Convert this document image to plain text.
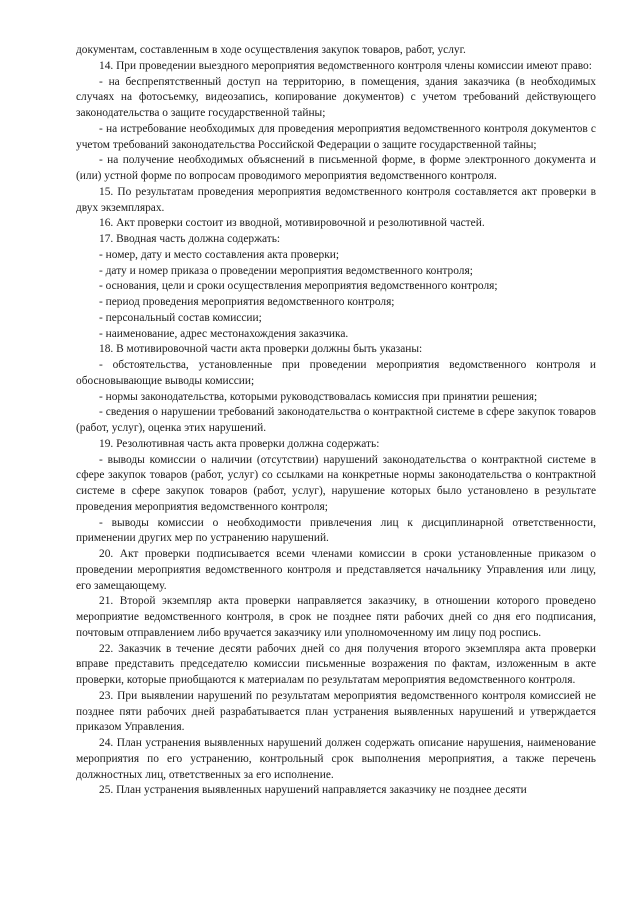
документам, составленным в ходе осуществления закупок товаров, работ, услуг.

14. При проведении выездного мероприятия ведомственного контроля члены комиссии имеют право:

- на беспрепятственный доступ на территорию, в помещения, здания заказчика (в необходимых случаях на фотосъемку, видеозапись, копирование документов) с учетом требований действующего законодательства о защите государственной тайны;

- на истребование необходимых для проведения мероприятия ведомственного контроля документов с учетом требований законодательства Российской Федерации о защите государственной тайны;

- на получение необходимых объяснений в письменной форме, в форме электронного документа и (или) устной форме по вопросам проводимого мероприятия ведомственного контроля.

15. По результатам проведения мероприятия ведомственного контроля составляется акт проверки в двух экземплярах.

16. Акт проверки состоит из вводной, мотивировочной и резолютивной частей.

17. Вводная часть должна содержать:

- номер, дату и место составления акта проверки;

- дату и номер приказа о проведении мероприятия ведомственного контроля;

- основания, цели и сроки осуществления мероприятия ведомственного контроля;

- период проведения мероприятия ведомственного контроля;

- персональный состав комиссии;

- наименование, адрес местонахождения заказчика.

18. В мотивировочной части акта проверки должны быть указаны:

- обстоятельства, установленные при проведении мероприятия ведомственного контроля и обосновывающие выводы комиссии;

- нормы законодательства, которыми руководствовалась комиссия при принятии решения;

- сведения о нарушении требований законодательства о контрактной системе в сфере закупок товаров (работ, услуг), оценка этих нарушений.

19. Резолютивная часть акта проверки должна содержать:

- выводы комиссии о наличии (отсутствии) нарушений законодательства о контрактной системе в сфере закупок товаров (работ, услуг) со ссылками на конкретные нормы законодательства о контрактной системе в сфере закупок товаров (работ, услуг), нарушение которых было установлено в результате проведения мероприятия ведомственного контроля;

- выводы комиссии о необходимости привлечения лиц к дисциплинарной ответственности, применении других мер по устранению нарушений.

20. Акт проверки подписывается всеми членами комиссии в сроки установленные приказом о проведении мероприятия ведомственного контроля и представляется начальнику Управления или лицу, его замещающему.

21. Второй экземпляр акта проверки направляется заказчику, в отношении которого проведено мероприятие ведомственного контроля, в срок не позднее пяти рабочих дней со дня его подписания, почтовым отправлением либо вручается заказчику или уполномоченному им лицу под роспись.

22. Заказчик в течение десяти рабочих дней со дня получения второго экземпляра акта проверки вправе представить председателю комиссии письменные возражения по фактам, изложенным в акте проверки, которые приобщаются к материалам по результатам мероприятия ведомственного контроля.

23. При выявлении нарушений по результатам мероприятия ведомственного контроля комиссией не позднее пяти рабочих дней разрабатывается план устранения выявленных нарушений и утверждается приказом Управления.

24. План устранения выявленных нарушений должен содержать описание нарушения, наименование мероприятия по его устранению, контрольный срок выполнения мероприятия, а также перечень должностных лиц, ответственных за его исполнение.

25. План устранения выявленных нарушений направляется заказчику не позднее десяти
